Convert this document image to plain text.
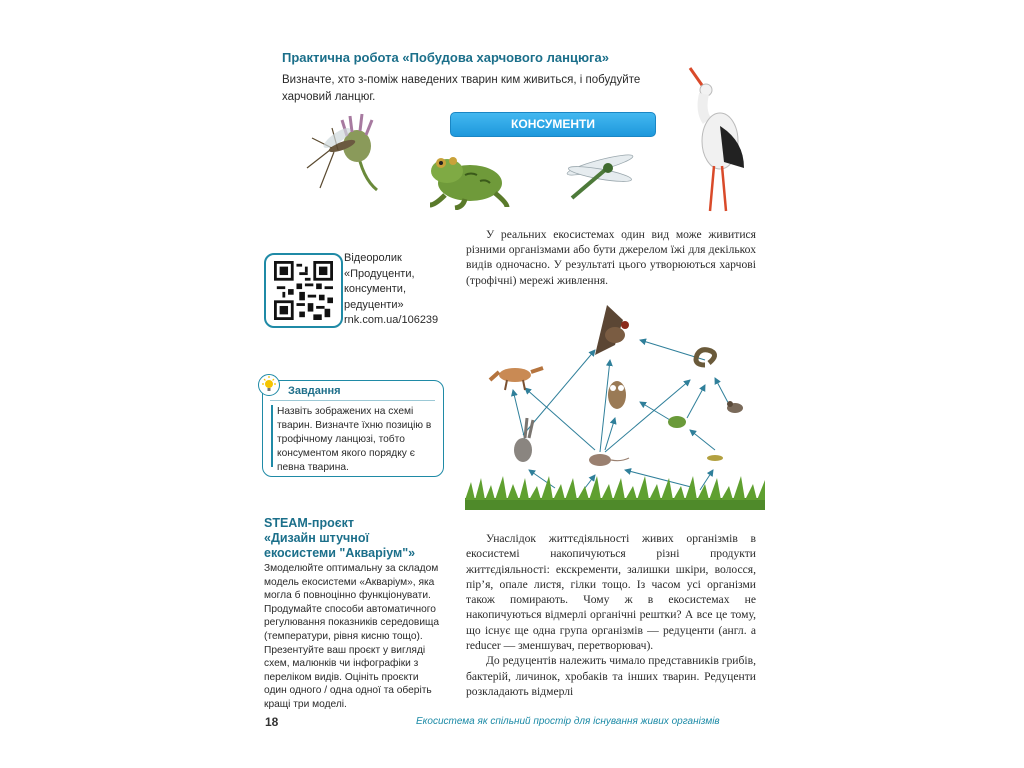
Практична робота «Побудова харчового ланцюга»
Визначте, хто з-поміж наведених тварин ким живиться, і побудуйте харчовий ланцюг.
КОНСУМЕНТИ
Відеоролик
«Продуценти,
консументи,
редуценти»
rnk.com.ua/106239
У реальних екосистемах один вид може живитися різними організмами або бути джерелом їжі для декількох видів одночасно. У результаті цього утворюються харчові (трофічні) мережі живлення.
Завдання
Назвіть зображених на схемі тварин. Визначте їхню позицію в трофічному ланцюзі, тобто консументом якого порядку є певна тварина.
STEAM-проєкт
«Дизайн штучної
екосистеми "Акваріум"»
Змоделюйте оптимальну за складом модель екосистеми «Акваріум», яка могла б повноцінно функціонувати. Продумайте способи автоматичного регулювання показників середовища (температури, рівня кисню тощо). Презентуйте ваш проєкт у вигляді схем, малюнків чи інфографіки з переліком видів. Оцініть проєкти один одного / одна одної та оберіть кращі три моделі.

Унаслідок життєдіяльності живих організмів в екосистемі накопичуються різні продукти життєдіяльності: екскременти, залишки шкіри, волосся, пір’я, опале листя, гілки тощо. Із часом усі організми також помирають. Чому ж в екосистемах не накопичуються відмерлі органічні рештки? А все це тому, що існує ще одна група організмів — редуценти (англ. a reducer — зменшувач, перетворювач).

До редуцентів належить чимало представників грибів, бактерій, личинок, хробаків та інших тварин. Редуценти розкладають відмерлі

18	Екосистема як спільний простір для існування живих організмів
